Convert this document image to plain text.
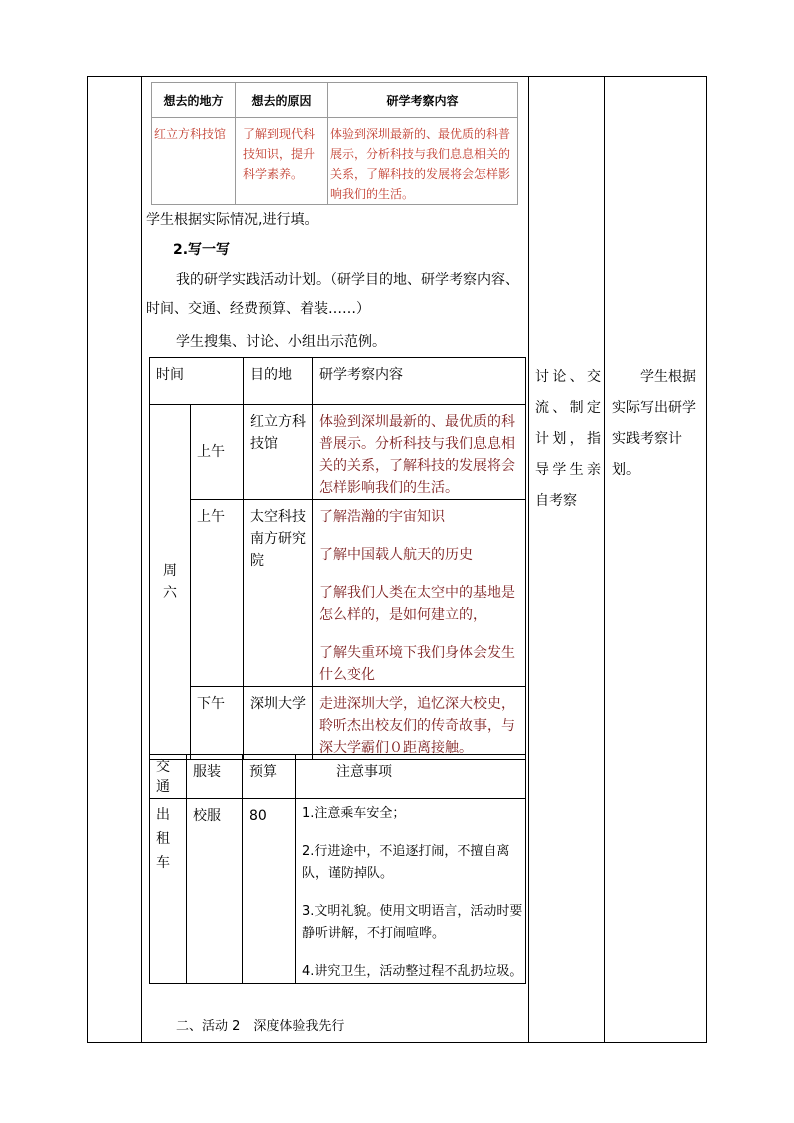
想去的地方	想去的原因	研学考察内容
红立方科技馆	了解到现代科技知识，提升科学素养。	体验到深圳最新的、最优质的科普展示，分析科技与我们息息相关的关系，了解科技的发展将会怎样影响我们的生活。
学生根据实际情况,进行填。
2.写一写
我的研学实践活动计划。（研学目的地、研学考察内容、
时间、交通、经费预算、着装……）
学生搜集、讨论、小组出示范例。
时间		目的地	研学考察内容
周六	上午	红立方科技馆	体验到深圳最新的、最优质的科普展示。分析科技与我们息息相关的关系，了解科技的发展将会怎样影响我们的生活。

	上午	太空科技南方研究院	了解浩瀚的宇宙知识
了解中国载人航天的历史
了解我们人类在太空中的基地是怎么样的，是如何建立的，
了解失重环境下我们身体会发生什么变化

	下午	深圳大学	走进深圳大学，追忆深大校史，聆听杰出校友们的传奇故事，与深大学霸们０距离接触。
交通	服装	预算	注意事项
出租车	校服	80	1.注意乘车安全；
2.行进途中，不追逐打闹，不擅自离队，谨防掉队。
3.文明礼貌。使用文明语言，活动时要静听讲解，不打闹喧哗。
4.讲究卫生，活动整过程不乱扔垃圾。
二、活动 2　深度体验我先行
讨论、交流、制定计划，指导学生亲自考察
学生根据实际写出研学实践考察计划。
